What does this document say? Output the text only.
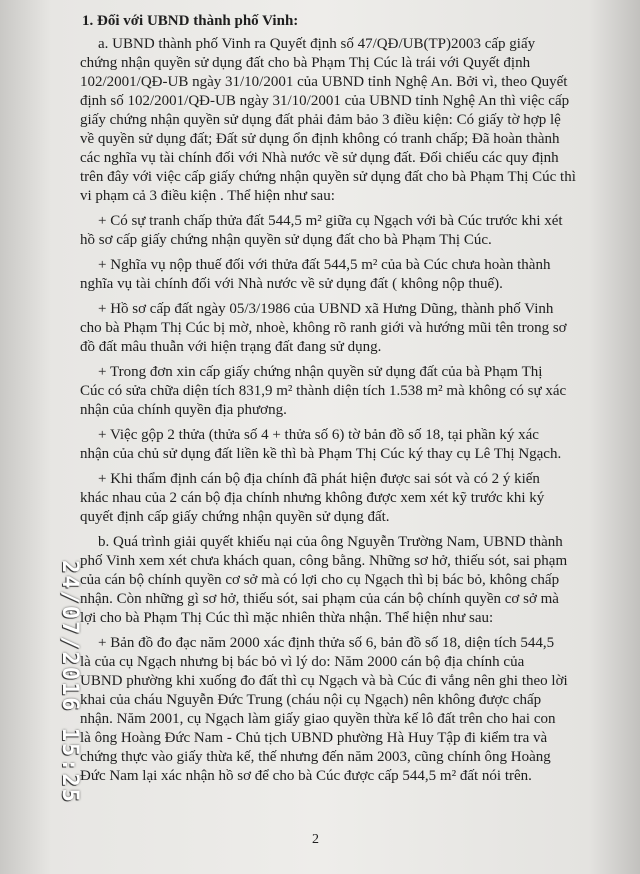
1. Đối với UBND thành phố Vinh:
a. UBND thành phố Vinh ra Quyết định số 47/QĐ/UB(TP)2003 cấp giấy
chứng nhận quyền sử dụng đất cho bà Phạm Thị Cúc là trái với Quyết định
102/2001/QĐ-UB ngày 31/10/2001 của UBND tỉnh Nghệ An. Bởi vì, theo Quyết
định số 102/2001/QĐ-UB ngày 31/10/2001 của UBND tỉnh Nghệ An thì việc cấp
giấy chứng nhận quyền sử dụng đất phải đảm bảo 3 điều kiện: Có giấy tờ hợp lệ
về quyền sử dụng đất; Đất sử dụng ổn định không có tranh chấp; Đã hoàn thành
các nghĩa vụ tài chính đối với Nhà nước về sử dụng đất. Đối chiếu các quy định
trên đây với việc cấp giấy chứng nhận quyền sử dụng đất cho bà Phạm Thị Cúc thì
vi phạm cả 3 điều kiện . Thể hiện như sau:
+ Có sự tranh chấp thửa đất 544,5 m² giữa cụ Ngạch với bà Cúc trước khi xét
hồ sơ cấp giấy chứng nhận quyền sử dụng đất cho bà Phạm Thị Cúc.
+ Nghĩa vụ nộp thuế đối với thửa đất 544,5 m² của bà Cúc chưa hoàn thành
nghĩa vụ tài chính đối với Nhà nước về sử dụng đất ( không nộp thuế).
+ Hồ sơ cấp đất ngày 05/3/1986 của UBND xã Hưng Dũng, thành phố Vinh
cho bà Phạm Thị Cúc bị mờ, nhoè, không rõ ranh giới và hướng mũi tên trong sơ
đồ đất mâu thuẫn với hiện trạng đất đang sử dụng.
+ Trong đơn xin cấp giấy chứng nhận quyền sử dụng đất của bà Phạm Thị
Cúc có sửa chữa diện tích 831,9 m² thành diện tích 1.538 m² mà không có sự xác
nhận của chính quyền địa phương.
+ Việc gộp 2 thửa (thửa số 4 + thửa số 6) tờ bản đồ số 18, tại phần ký xác
nhận của chủ sử dụng đất liền kề thì bà Phạm Thị Cúc ký thay cụ Lê Thị Ngạch.
+ Khi thẩm định cán bộ địa chính đã phát hiện được sai sót và có 2 ý kiến
khác nhau của 2 cán bộ địa chính nhưng không được xem xét kỹ trước khi ký
quyết định cấp giấy chứng nhận quyền sử dụng đất.
b. Quá trình giải quyết khiếu nại của ông Nguyễn Trường Nam, UBND thành
phố Vinh xem xét chưa khách quan, công bằng. Những sơ hở, thiếu sót, sai phạm
của cán bộ chính quyền cơ sở mà có lợi cho cụ Ngạch thì bị bác bỏ, không chấp
nhận. Còn những gì sơ hở, thiếu sót, sai phạm của cán bộ chính quyền cơ sở mà
lợi cho bà Phạm Thị Cúc thì mặc nhiên thừa nhận. Thể hiện như sau:
+ Bản đồ đo đạc năm 2000 xác định thửa số 6, bản đồ số 18, diện tích 544,5
là của cụ Ngạch nhưng bị bác bỏ vì lý do: Năm 2000 cán bộ địa chính của
UBND phường khi xuống đo đất thì cụ Ngạch và bà Cúc đi vắng nên ghi theo lời
khai của cháu Nguyễn Đức Trung (cháu nội cụ Ngạch) nên không được chấp
nhận. Năm 2001, cụ Ngạch làm giấy giao quyền thừa kế lô đất trên cho hai con
là ông Hoàng Đức Nam - Chủ tịch UBND phường Hà Huy Tập đi kiểm tra và
chứng thực vào giấy thừa kế, thế nhưng đến năm 2003, cũng chính ông Hoàng
Đức Nam lại xác nhận hồ sơ để cho bà Cúc được cấp 544,5 m² đất nói trên.
2
24/07/2016 15:25
